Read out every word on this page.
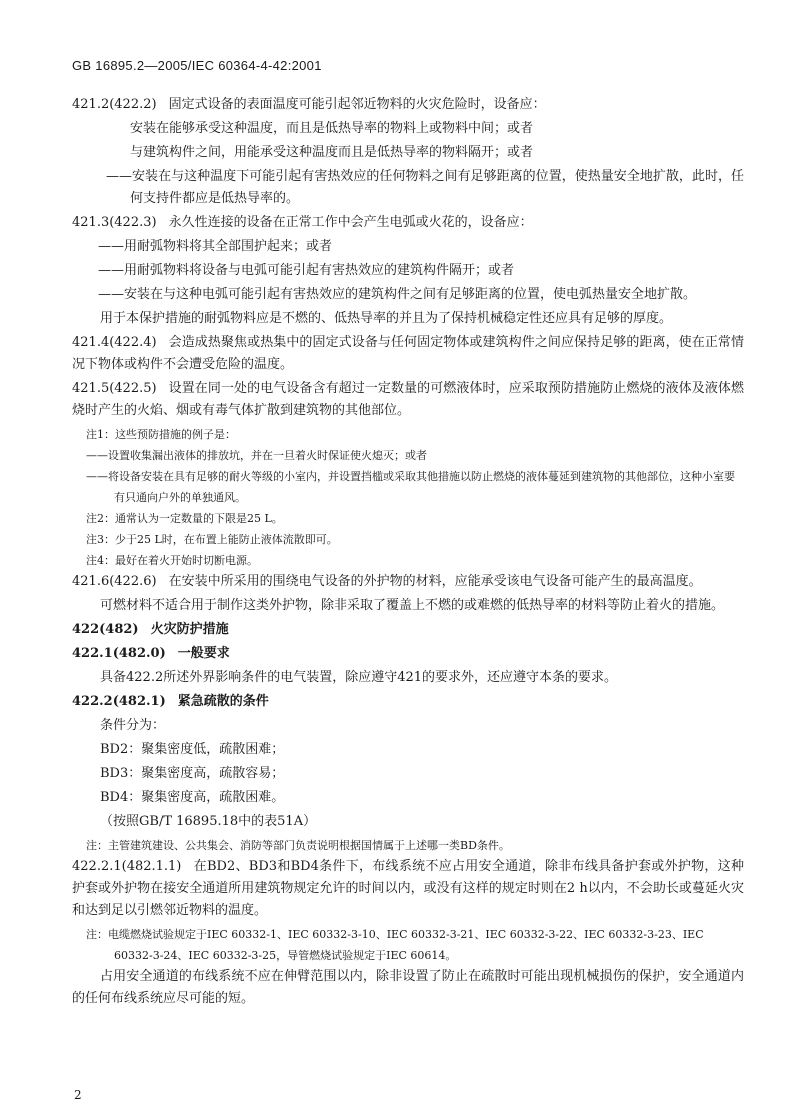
GB 16895.2—2005/IEC 60364-4-42:2001

421.2(422.2) 固定式设备的表面温度可能引起邻近物料的火灾危险时，设备应：

安装在能够承受这种温度，而且是低热导率的物料上或物料中间；或者

与建筑构件之间，用能承受这种温度而且是低热导率的物料隔开；或者

——安装在与这种温度下可能引起有害热效应的任何物料之间有足够距离的位置，使热量安全地扩散，此时，任何支持件都应是低热导率的。

421.3(422.3) 永久性连接的设备在正常工作中会产生电弧或火花的，设备应：

——用耐弧物料将其全部围护起来；或者

——用耐弧物料将设备与电弧可能引起有害热效应的建筑构件隔开；或者

——安装在与这种电弧可能引起有害热效应的建筑构件之间有足够距离的位置，使电弧热量安全地扩散。

用于本保护措施的耐弧物料应是不燃的、低热导率的并且为了保持机械稳定性还应具有足够的厚度。

421.4(422.4) 会造成热聚焦或热集中的固定式设备与任何固定物体或建筑构件之间应保持足够的距离，使在正常情况下物体或构件不会遭受危险的温度。

421.5(422.5) 设置在同一处的电气设备含有超过一定数量的可燃液体时，应采取预防措施防止燃烧的液体及液体燃烧时产生的火焰、烟或有毒气体扩散到建筑物的其他部位。

注1：这些预防措施的例子是：
——设置收集漏出液体的排放坑，并在一旦着火时保证使火熄灭；或者
——将设备安装在具有足够的耐火等级的小室内，并设置挡槛或采取其他措施以防止燃烧的液体蔓延到建筑物的其他部位，这种小室要有只通向户外的单独通风。
注2：通常认为一定数量的下限是25 L。
注3：少于25 L时，在布置上能防止液体流散即可。
注4：最好在着火开始时切断电源。

421.6(422.6) 在安装中所采用的围绕电气设备的外护物的材料，应能承受该电气设备可能产生的最高温度。

可燃材料不适合用于制作这类外护物，除非采取了覆盖上不燃的或难燃的低热导率的材料等防止着火的措施。

422(482) 火灾防护措施

422.1(482.0) 一般要求

具备422.2所述外界影响条件的电气装置，除应遵守421的要求外，还应遵守本条的要求。

422.2(482.1) 紧急疏散的条件

条件分为：

BD2：聚集密度低，疏散困难；

BD3：聚集密度高，疏散容易；

BD4：聚集密度高，疏散困难。

（按照GB/T 16895.18中的表51A）

注：主管建筑建设、公共集会、消防等部门负责说明根据国情属于上述哪一类BD条件。

422.2.1(482.1.1) 在BD2、BD3和BD4条件下，布线系统不应占用安全通道，除非布线具备护套或外护物，这种护套或外护物在接安全通道所用建筑物规定允许的时间以内，或没有这样的规定时则在2 h以内，不会助长或蔓延火灾和达到足以引燃邻近物料的温度。

注：电缆燃烧试验规定于IEC 60332-1、IEC 60332-3-10、IEC 60332-3-21、IEC 60332-3-22、IEC 60332-3-23、IEC 60332-3-24、IEC 60332-3-25，导管燃烧试验规定于IEC 60614。

占用安全通道的布线系统不应在伸臂范围以内，除非设置了防止在疏散时可能出现机械损伤的保护，安全通道内的任何布线系统应尽可能的短。

2
